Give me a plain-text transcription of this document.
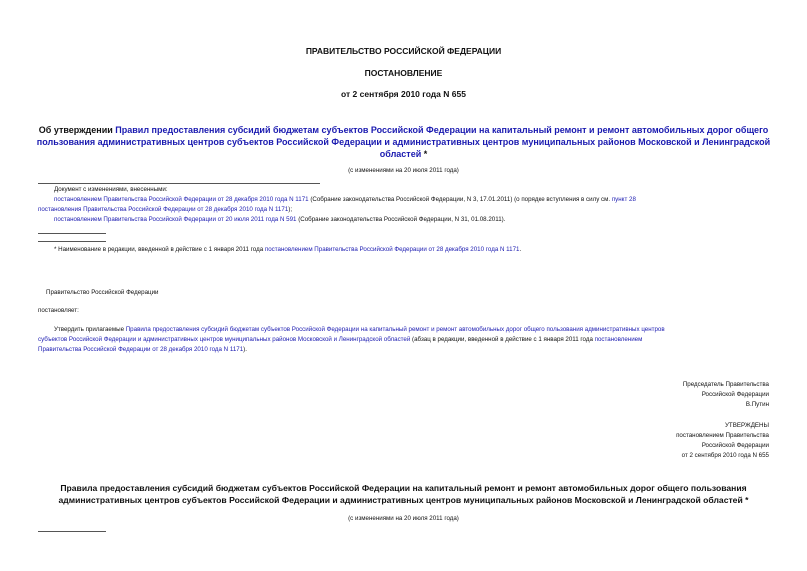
ПРАВИТЕЛЬСТВО РОССИЙСКОЙ ФЕДЕРАЦИИ
ПОСТАНОВЛЕНИЕ
от 2 сентября 2010 года N 655
Об утверждении Правил предоставления субсидий бюджетам субъектов Российской Федерации на капитальный ремонт и ремонт автомобильных дорог общего
пользования административных центров субъектов Российской Федерации и административных центров муниципальных районов Московской и Ленинградской
областей *
(с изменениями на 20 июля 2011 года)
Документ с изменениями, внесенными:
постановлением Правительства Российской Федерации от 28 декабря 2010 года N 1171 (Собрание законодательства Российской Федерации, N 3, 17.01.2011) (о порядке вступления в силу см. пункт 28
постановления Правительства Российской Федерации от 28 декабря 2010 года N 1171);
постановлением Правительства Российской Федерации от 20 июля 2011 года N 591 (Собрание законодательства Российской Федерации, N 31, 01.08.2011).
* Наименование в редакции, введенной в действие с 1 января 2011 года постановлением Правительства Российской Федерации от 28 декабря 2010 года N 1171.
Правительство Российской Федерации
постановляет:
Утвердить прилагаемые Правила предоставления субсидий бюджетам субъектов Российской Федерации на капитальный ремонт и ремонт автомобильных дорог общего пользования административных центров
субъектов Российской Федерации и административных центров муниципальных районов Московской и Ленинградской областей (абзац в редакции, введенной в действие с 1 января 2011 года постановлением
Правительства Российской Федерации от 28 декабря 2010 года N 1171).
Председатель Правительства
Российской Федерации
В.Путин
УТВЕРЖДЕНЫ
постановлением Правительства
Российской Федерации
от 2 сентября 2010 года N 655
Правила предоставления субсидий бюджетам субъектов Российской Федерации на капитальный ремонт и ремонт автомобильных дорог общего пользования
административных центров субъектов Российской Федерации и административных центров муниципальных районов Московской и Ленинградской областей *
(с изменениями на 20 июля 2011 года)
